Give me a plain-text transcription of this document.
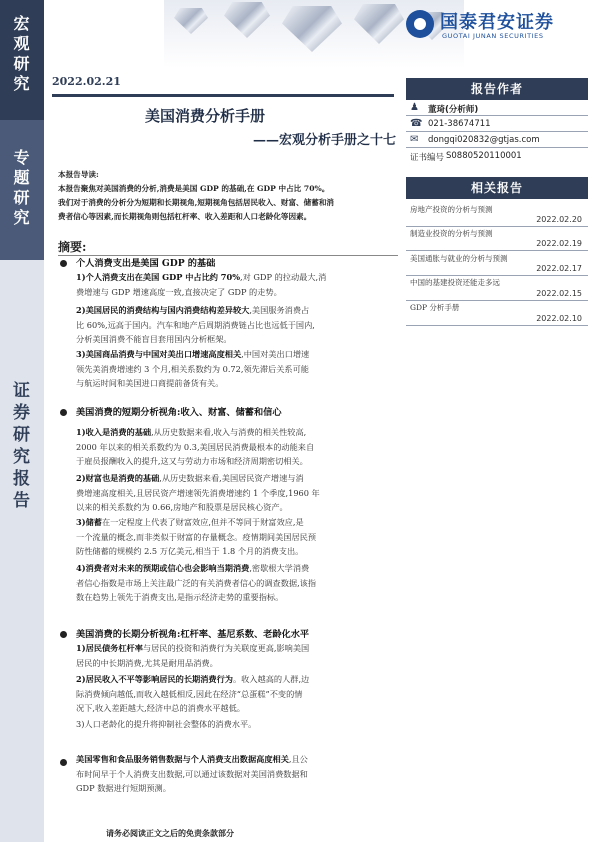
宏
观
研
究
专
题
研
究
证
券
研
究
报
告
国泰君安证券
GUOTAI JUNAN SECURITIES
2022.02.21
美国消费分析手册
——宏观分析手册之十七
报告作者
♟	董琦(分析师)
☎ 021-38674711
✉	dongqi020832@gtjas.com
证书编号 S0880520110001
相关报告
房地产投资的分析与预测
2022.02.20
制造业投资的分析与预测
2022.02.19
美国通胀与就业的分析与预测
2022.02.17
中国的基建投资还能走多远
2022.02.15
GDP 分析手册
2022.02.10
本报告导读:
本报告聚焦对美国消费的分析,消费是美国 GDP 的基础,在 GDP 中占比 70%。
我们对于消费的分析分为短期和长期视角,短期视角包括居民收入、财富、储蓄和消
费者信心等因素,而长期视角则包括杠杆率、收入差距和人口老龄化等因素。
摘要:
个人消费支出是美国 GDP 的基础
1)个人消费支出在美国 GDP 中占比约 70%,对 GDP 的拉动最大,消
费增速与 GDP 增速高度一致,直接决定了 GDP 的走势。
2)美国居民的消费结构与国内消费结构差异较大,美国服务消费占
比 60%,远高于国内。汽车和地产后周期消费链占比也远低于国内,
分析美国消费不能盲目套用国内分析框架。
3)美国商品消费与中国对美出口增速高度相关,中国对美出口增速
领先美消费增速约 3 个月,相关系数约为 0.72,领先滞后关系可能
与航运时间和美国进口商提前备货有关。
美国消费的短期分析视角:收入、财富、储蓄和信心
1)收入是消费的基础,从历史数据来看,收入与消费的相关性较高,
2000 年以来的相关系数约为 0.3,美国居民消费最根本的动能来自
于雇员报酬收入的提升,这又与劳动力市场和经济周期密切相关。
2)财富也是消费的基础,从历史数据来看,美国居民资产增速与消
费增速高度相关,且居民资产增速领先消费增速约 1 个季度,1960 年
以来的相关系数约为 0.66,房地产和股票是居民核心资产。
3)储蓄在一定程度上代表了财富效应,但并不等同于财富效应,是
一个流量的概念,而非类似于财富的存量概念。疫情期间美国居民预
防性储蓄的规模约 2.5 万亿美元,相当于 1.8 个月的消费支出。
4)消费者对未来的预期或信心也会影响当期消费,密歇根大学消费
者信心指数是市场上关注最广泛的有关消费者信心的调查数据,该指
数在趋势上领先于消费支出,是指示经济走势的重要指标。
美国消费的长期分析视角:杠杆率、基尼系数、老龄化水平
1)居民债务杠杆率与居民的投资和消费行为关联度更高,影响美国
居民的中长期消费,尤其是耐用品消费。
2)居民收入不平等影响居民的长期消费行为。收入越高的人群,边
际消费倾向越低,而收入越低相反,因此在经济“总蛋糕”不变的情
况下,收入差距越大,经济中总的消费水平越低。
3)人口老龄化的提升将抑制社会整体的消费水平。
美国零售和食品服务销售数据与个人消费支出数据高度相关,且公
布时间早于个人消费支出数据,可以通过该数据对美国消费数据和
GDP 数据进行短期预测。
请务必阅读正文之后的免责条款部分
